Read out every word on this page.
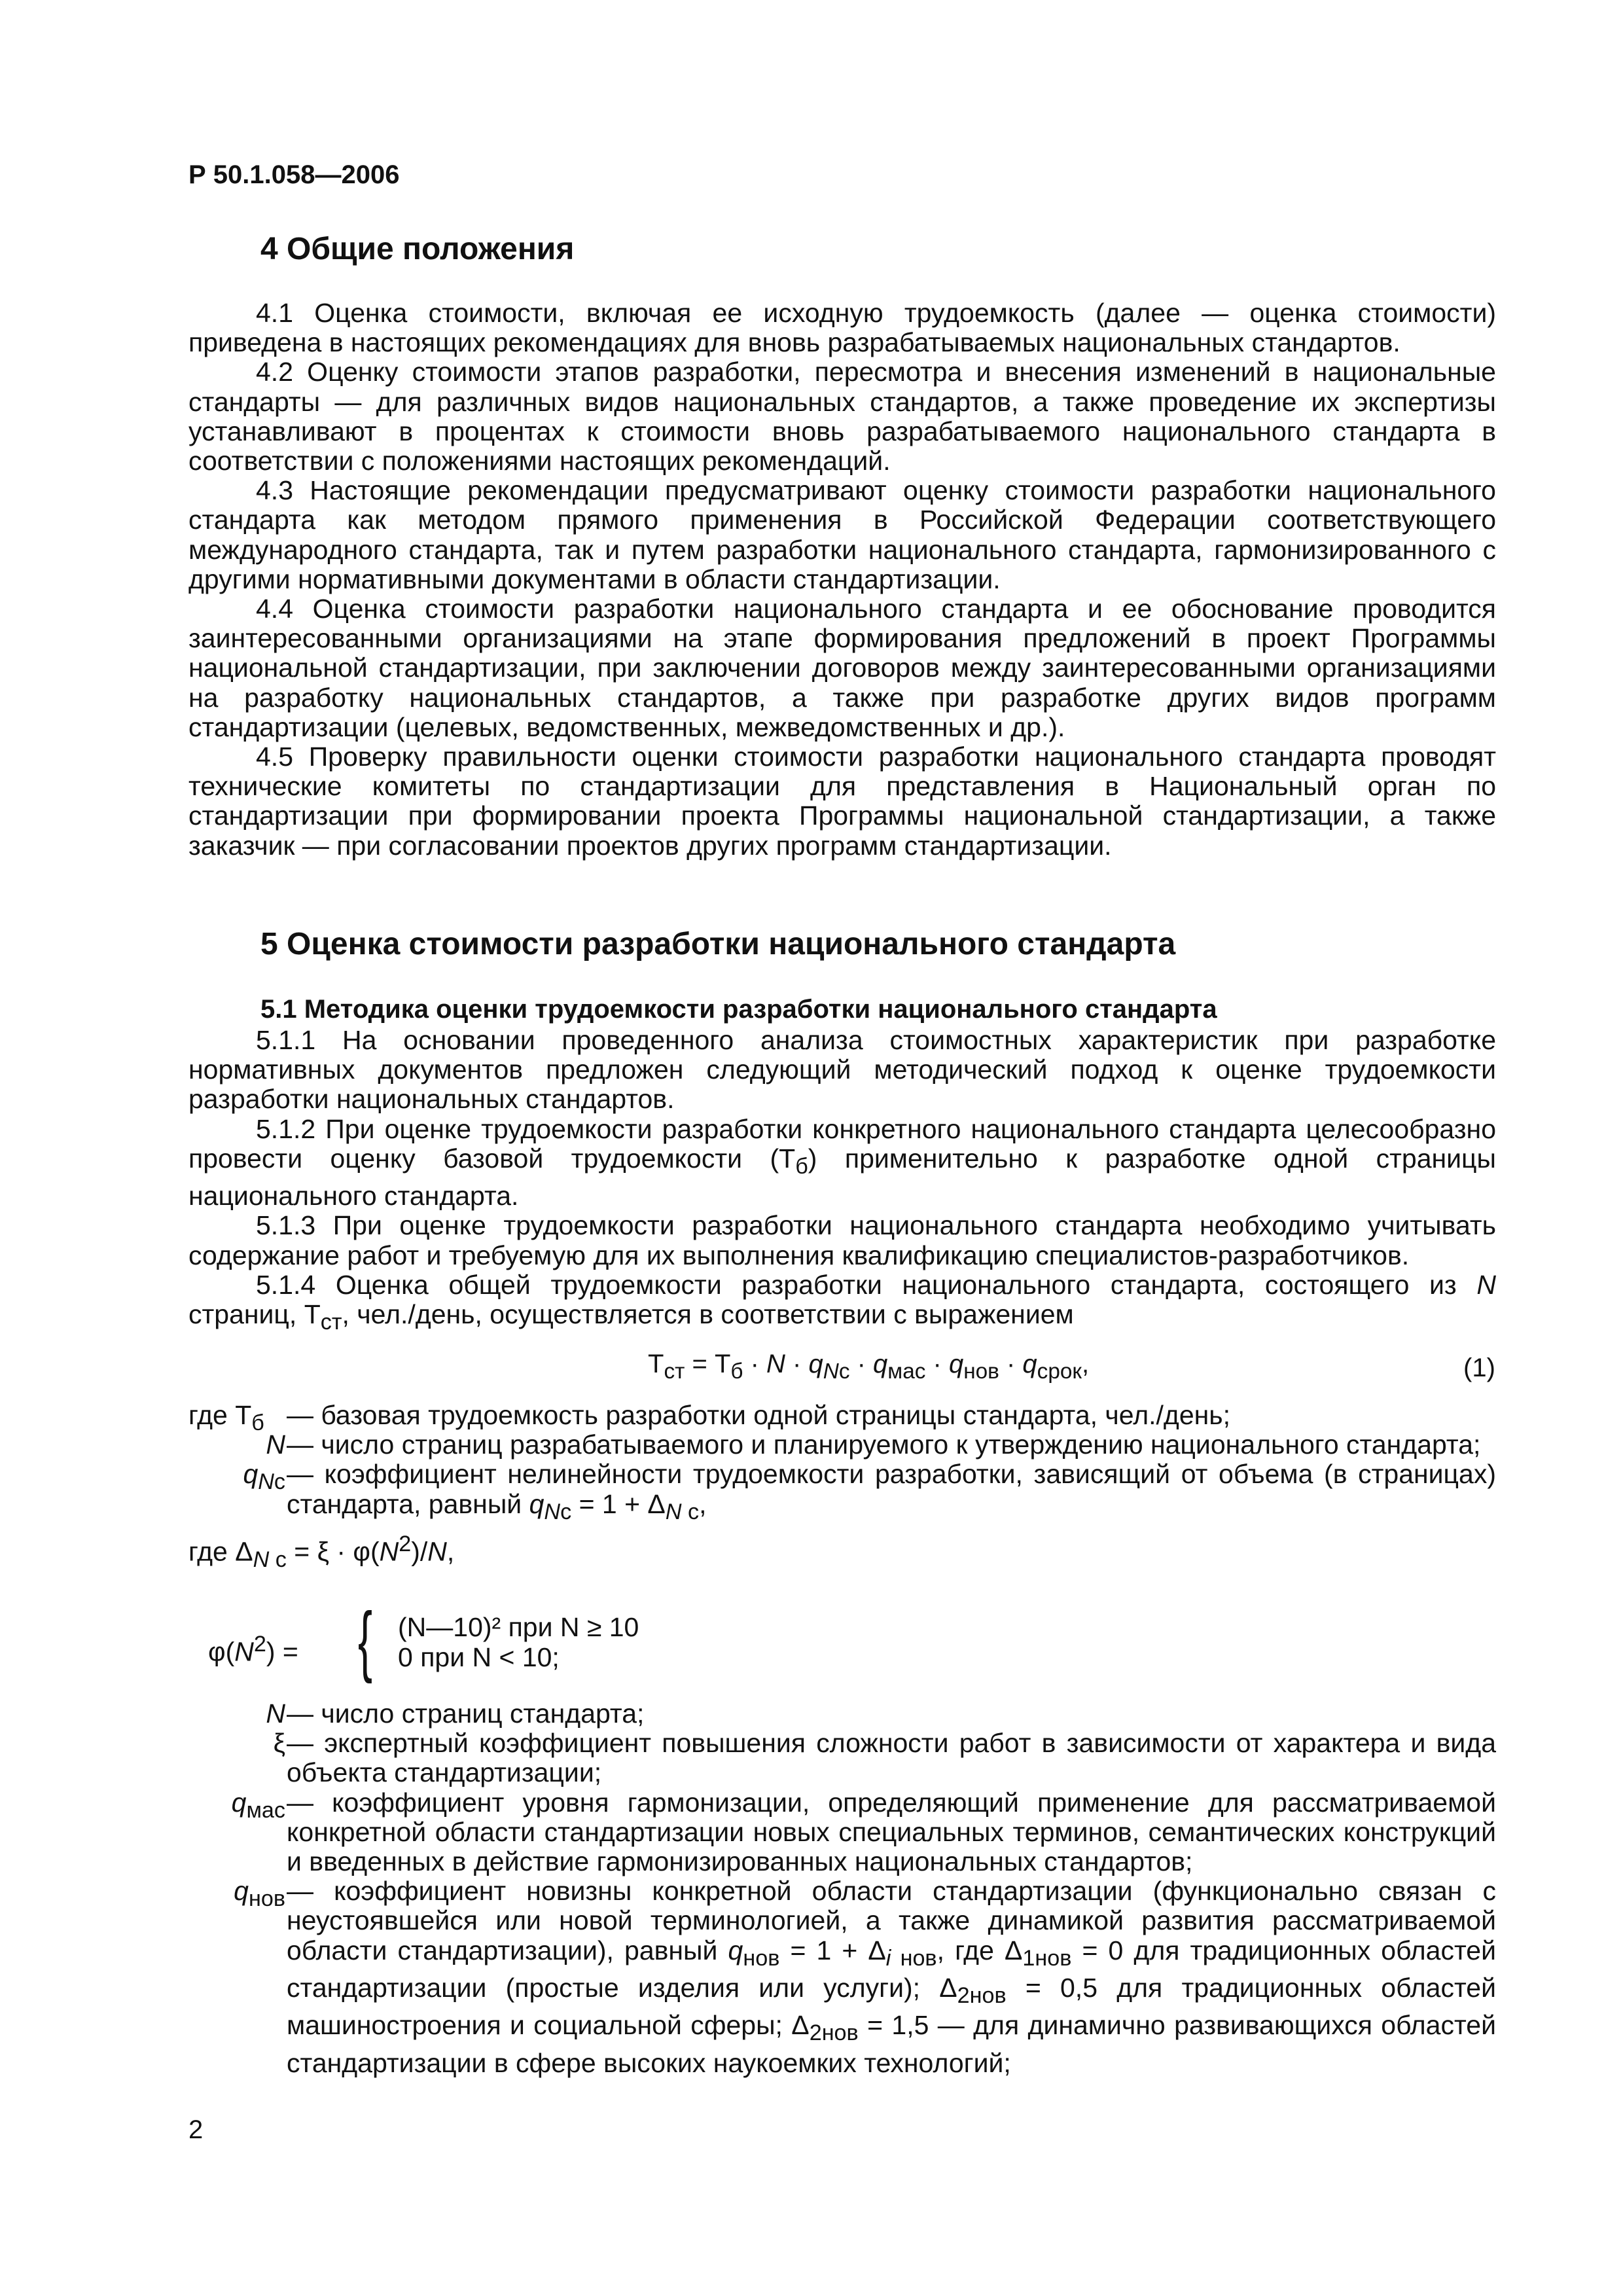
Р 50.1.058—2006
4 Общие положения

4.1 Оценка стоимости, включая ее исходную трудоемкость (далее — оценка стоимости) приведена в настоящих рекомендациях для вновь разрабатываемых национальных стандартов.

4.2 Оценку стоимости этапов разработки, пересмотра и внесения изменений в национальные стандарты — для различных видов национальных стандартов, а также проведение их экспертизы устанавливают в процентах к стоимости вновь разрабатываемого национального стандарта в соответствии с положениями настоящих рекомендаций.

4.3 Настоящие рекомендации предусматривают оценку стоимости разработки национального стандарта как методом прямого применения в Российской Федерации соответствующего международного стандарта, так и путем разработки национального стандарта, гармонизированного с другими нормативными документами в области стандартизации.

4.4 Оценка стоимости разработки национального стандарта и ее обоснование проводится заинтересованными организациями на этапе формирования предложений в проект Программы национальной стандартизации, при заключении договоров между заинтересованными организациями на разработку национальных стандартов, а также при разработке других видов программ стандартизации (целевых, ведомственных, межведомственных и др.).

4.5 Проверку правильности оценки стоимости разработки национального стандарта проводят технические комитеты по стандартизации для представления в Национальный орган по стандартизации при формировании проекта Программы национальной стандартизации, а также заказчик — при согласовании проектов других программ стандартизации.

5 Оценка стоимости разработки национального стандарта
5.1 Методика оценки трудоемкости разработки национального стандарта

5.1.1 На основании проведенного анализа стоимостных характеристик при разработке нормативных документов предложен следующий методический подход к оценке трудоемкости разработки национальных стандартов.

5.1.2 При оценке трудоемкости разработки конкретного национального стандарта целесообразно провести оценку базовой трудоемкости $(Т_б)$ применительно к разработке одной страницы национального стандарта.

5.1.3 При оценке трудоемкости разработки национального стандарта необходимо учитывать содержание работ и требуемую для их выполнения квалификацию специалистов-разработчиков.

5.1.4 Оценка общей трудоемкости разработки национального стандарта, состоящего из N страниц, $Т_{ст}$, чел./день, осуществляется в соответствии с выражением

$Т_{ст} = Т_б \cdot N \cdot q_{Nc} \cdot q_{мас} \cdot q_{нов} \cdot q_{срок}$,	(1)
где $Т_б$ — базовая трудоемкость разработки одной страницы стандарта, чел./день;
N — число страниц разрабатываемого и планируемого к утверждению национального стандарта;
$q_{Nc}$ — коэффициент нелинейности трудоемкости разработки, зависящий от объема (в страницах) стандарта, равный $q_{Nc} = 1 + \Delta_{N c}$,
где $\Delta_{N c} = \xi \cdot \varphi(N^2)/N$,
$\varphi(N^2)$ = { (N—10)² при N ≥ 10
0 при N < 10;
N — число страниц стандарта;
ξ — экспертный коэффициент повышения сложности работ в зависимости от характера и вида объекта стандартизации;
$q_{мас}$ — коэффициент уровня гармонизации, определяющий применение для рассматриваемой конкретной области стандартизации новых специальных терминов, семантических конструкций и введенных в действие гармонизированных национальных стандартов;
$q_{нов}$ — коэффициент новизны конкретной области стандартизации (функционально связан с неустоявшейся или новой терминологией, а также динамикой развития рассматриваемой области стандартизации), равный $q_{нов} = 1 + \Delta_{i нов}$, где $\Delta_{1нов} = 0$ для традиционных областей стандартизации (простые изделия или услуги); $\Delta_{2нов} = 0,5$ для традиционных областей машиностроения и социальной сферы; $\Delta_{2нов} = 1,5$ — для динамично развивающихся областей стандартизации в сфере высоких наукоемких технологий;
2
